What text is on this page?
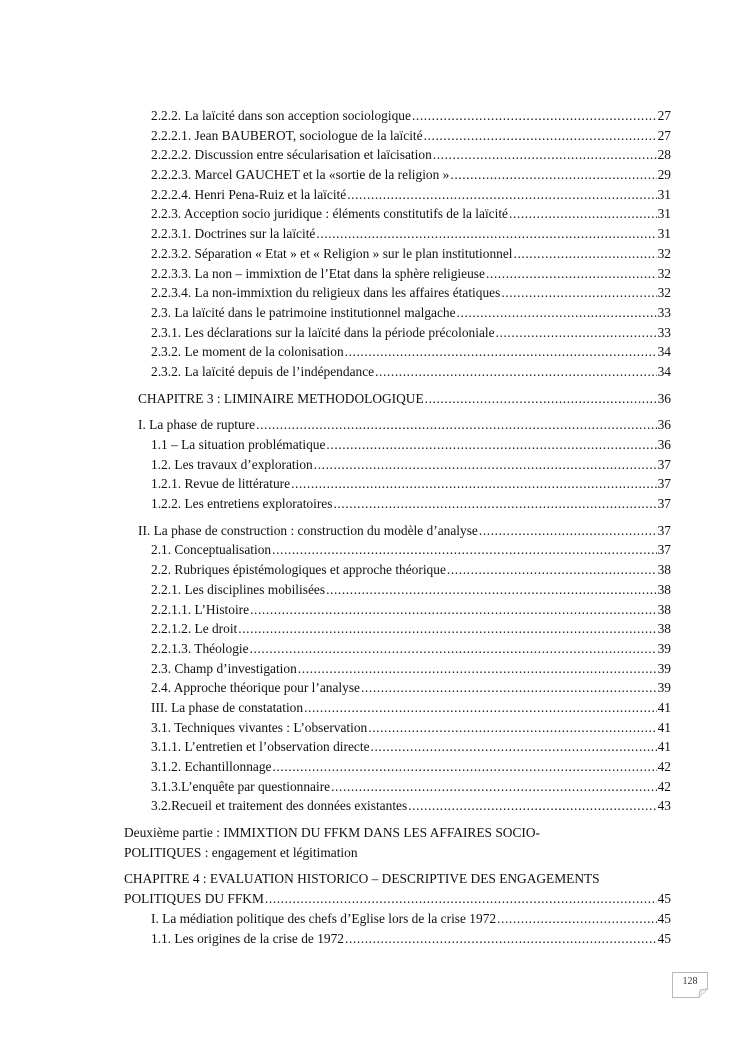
2.2.2. La laïcité dans son acception sociologique .....	27
2.2.2.1. Jean BAUBEROT, sociologue de la laïcité .....	27
2.2.2.2. Discussion entre sécularisation et laïcisation .....	28
2.2.2.3. Marcel GAUCHET et la «sortie de la religion » .....	29
2.2.2.4. Henri Pena-Ruiz et la laïcité .....	31
2.2.3. Acception socio juridique : éléments constitutifs de la laïcité .....	31
2.2.3.1. Doctrines sur la laïcité .....	31
2.2.3.2. Séparation « Etat » et « Religion » sur le plan institutionnel .....	32
2.2.3.3. La non – immixtion de l’Etat dans la sphère religieuse .....	32
2.2.3.4. La non-immixtion du religieux dans les affaires étatiques .....	32
2.3. La laïcité dans le patrimoine institutionnel malgache .....	33
2.3.1. Les déclarations sur la laïcité dans la période précoloniale .....	33
2.3.2. Le moment de la colonisation .....	34
2.3.2. La laïcité depuis de l’indépendance .....	34
CHAPITRE 3 : LIMINAIRE METHODOLOGIQUE .....	36
I. La phase de rupture .....	36
1.1 – La situation problématique .....	36
1.2. Les travaux d’exploration .....	37
1.2.1. Revue de littérature .....	37
1.2.2. Les entretiens exploratoires .....	37
II. La phase de construction : construction du modèle d’analyse .....	37
2.1. Conceptualisation .....	37
2.2. Rubriques épistémologiques et approche théorique .....	38
2.2.1. Les disciplines mobilisées .....	38
2.2.1.1. L’Histoire .....	38
2.2.1.2. Le droit .....	38
2.2.1.3. Théologie .....	39
2.3. Champ d’investigation .....	39
2.4. Approche théorique pour l’analyse .....	39
III. La phase de constatation .....	41
3.1. Techniques vivantes : L’observation .....	41
3.1.1. L’entretien et l’observation directe .....	41
3.1.2. Echantillonnage .....	42
3.1.3.L’enquête par questionnaire .....	42
3.2.Recueil et traitement des données existantes .....	43
Deuxième partie : IMMIXTION DU FFKM DANS LES AFFAIRES SOCIO-
POLITIQUES : engagement et légitimation
CHAPITRE 4 : EVALUATION HISTORICO – DESCRIPTIVE DES ENGAGEMENTS
POLITIQUES DU FFKM .....	45
I. La médiation politique des chefs d’Eglise lors de la crise 1972 .....	45
1.1. Les origines de la crise de 1972 .....	45
128
